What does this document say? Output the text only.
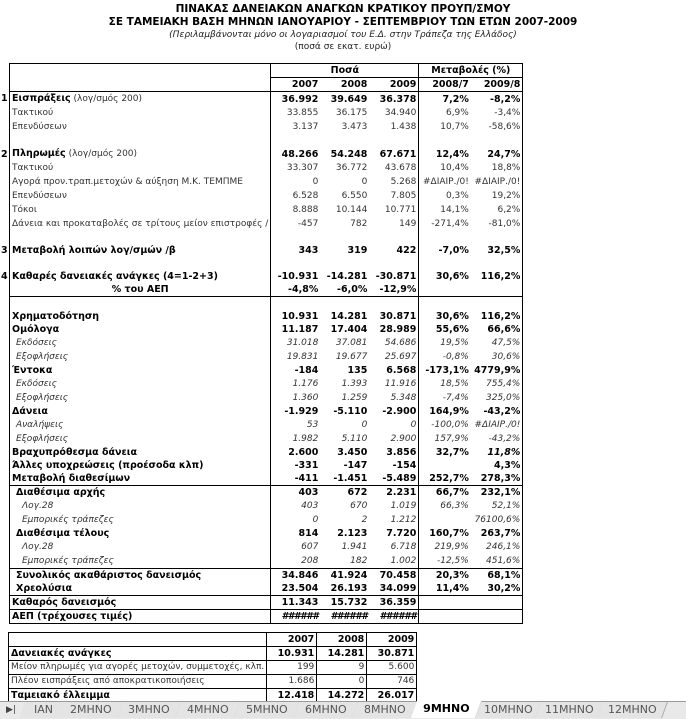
ΠΙΝΑΚΑΣ ΔΑΝΕΙΑΚΩΝ ΑΝΑΓΚΩΝ ΚΡΑΤΙΚΟΥ ΠΡΟΥΠ/ΣΜΟΥ
ΣΕ ΤΑΜΕΙΑΚΗ ΒΑΣΗ ΜΗΝΩΝ ΙΑΝΟΥΑΡΙΟΥ - ΣΕΠΤΕΜΒΡΙΟΥ ΤΩΝ ΕΤΩΝ 2007-2009
(Περιλαμβάνονται μόνο οι λογαριασμοί του Ε.Δ. στην Τράπεζα της Ελλάδος)
(ποσά σε εκατ. ευρώ)
		Ποσά			Μεταβολές (%)	
		2007	2008	2009	2008/7	2009/8
1	Εισπράξεις (λογ/σμός 200)	36.992	39.649	36.378	7,2%	-8,2%
	Τακτικού	33.855	36.175	34.940	6,9%	-3,4%
	Επενδύσεων	3.137	3.473	1.438	10,7%	-58,6%

2	Πληρωμές (λογ/σμός 200)	48.266	54.248	67.671	12,4%	24,7%
	Τακτικού	33.307	36.772	43.678	10,4%	18,8%
	Αγορά προν.τραπ.μετοχών & αύξηση Μ.Κ. ΤΕΜΠΜΕ	0	0	5.268	#ΔΙΑΙΡ./0!	#ΔΙΑΙΡ./0!
	Επενδύσεων	6.528	6.550	7.805	0,3%	19,2%
	Τόκοι	8.888	10.144	10.771	14,1%	6,2%
	Δάνεια και προκαταβολές σε τρίτους μείον επιστροφές /	-457	782	149	-271,4%	-81,0%

3	Μεταβολή λοιπών λογ/σμών /β	343	319	422	-7,0%	32,5%

4	Καθαρές δανειακές ανάγκες (4=1-2+3)	-10.931	-14.281	-30.871	30,6%	116,2%
	% του ΑΕΠ	-4,8%	-6,0%	-12,9%		

	Χρηματοδότηση	10.931	14.281	30.871	30,6%	116,2%
	Ομόλογα	11.187	17.404	28.989	55,6%	66,6%
	Εκδόσεις	31.018	37.081	54.686	19,5%	47,5%
	Εξοφλήσεις	19.831	19.677	25.697	-0,8%	30,6%
	Έντοκα	-184	135	6.568	-173,1%	4779,9%
	Εκδόσεις	1.176	1.393	11.916	18,5%	755,4%
	Εξοφλήσεις	1.360	1.259	5.348	-7,4%	325,0%
	Δάνεια	-1.929	-5.110	-2.900	164,9%	-43,2%
	Αναλήψεις	53	0	0	-100,0%	#ΔΙΑΙΡ./0!
	Εξοφλήσεις	1.982	5.110	2.900	157,9%	-43,2%
	Βραχυπρόθεσμα δάνεια	2.600	3.450	3.856	32,7%	11,8%
	Άλλες υποχρεώσεις (προέσοδα κλπ)	-331	-147	-154		4,3%
	Μεταβολή διαθεσίμων	-411	-1.451	-5.489	252,7%	278,3%
	Διαθέσιμα αρχής	403	672	2.231	66,7%	232,1%
	Λογ.28	403	670	1.019	66,3%	52,1%
	Εμπορικές τράπεζες	0	2	1.212		76100,6%
	Διαθέσιμα τέλους	814	2.123	7.720	160,7%	263,7%
	Λογ.28	607	1.941	6.718	219,9%	246,1%
	Εμπορικές τράπεζες	208	182	1.002	-12,5%	451,6%
	Συνολικός ακαθάριστος δανεισμός	34.846	41.924	70.458	20,3%	68,1%
	Χρεολύσια	23.504	26.193	34.099	11,4%	30,2%
	Καθαρός δανεισμός	11.343	15.732	36.359		
	ΑΕΠ (τρέχουσες τιμές)	######	######	######		
	2007	2008	2009
Δανειακές ανάγκες	10.931	14.281	30.871
Μείον πληρωμές για αγορές μετοχών, συμμετοχές, κλπ.	199	9	5.600
Πλέον εισπράξεις από αποκρατικοποιήσεις	1.686	0	746
Ταμειακό έλλειμμα	12.418	14.272	26.017
▶|	IAN	2MHNO	3MHNO	4MHNO	5MHNO	6MHNO	8MHNO	9MHNO	10MHNO	11MHNO	12MHNO
